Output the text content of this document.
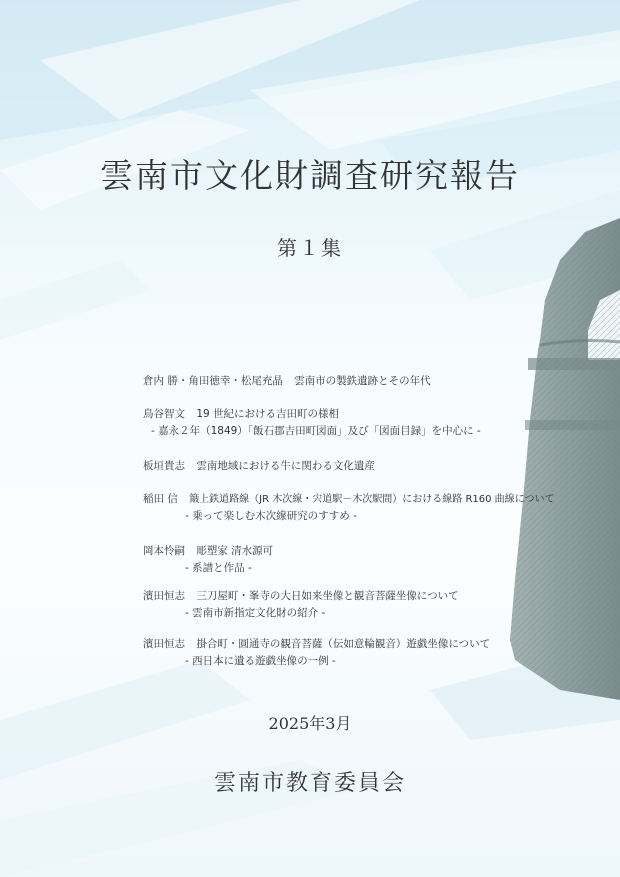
雲南市文化財調査研究報告
第１集
倉内 勝・角田徳幸・松尾充晶 雲南市の製鉄遺跡とその年代
鳥谷智文 19 世紀における吉田町の様相
- 嘉永２年（1849）「飯石郡吉田町図面」及び「図面目録」を中心に -
板垣貴志 雲南地域における牛に関わる文化遺産
稲田 信 簸上鉄道路線（JR 木次線・宍道駅－木次駅間）における線路 R160 曲線について
- 乗って楽しむ木次線研究のすすめ -
岡本怜嗣 彫塑家 清水源可
- 系譜と作品 -
濱田恒志 三刀屋町・峯寺の大日如来坐像と観音菩薩坐像について
- 雲南市新指定文化財の紹介 -
濱田恒志 掛合町・圓通寺の観音菩薩（伝如意輪観音）遊戯坐像について
- 西日本に遺る遊戯坐像の一例 -
2025年3月
雲南市教育委員会
